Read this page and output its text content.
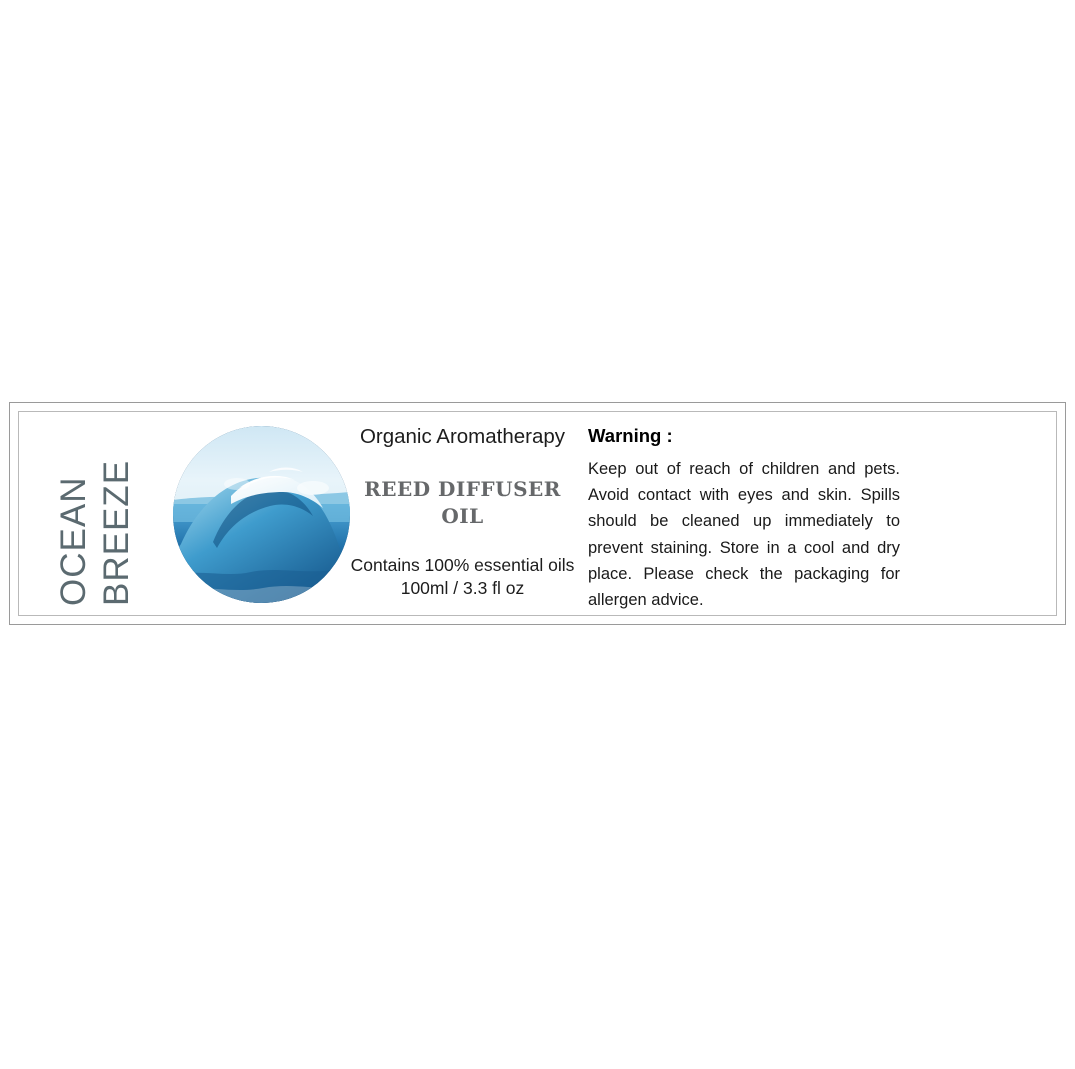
OCEAN BREEZE
Organic Aromatherapy
REED DIFFUSER OIL
Contains 100% essential oils
100ml / 3.3 fl oz
Warning :
Keep out of reach of children and pets. Avoid contact with eyes and skin. Spills should be cleaned up immediately to prevent staining. Store in a cool and dry place. Please check the packaging for allergen advice.
